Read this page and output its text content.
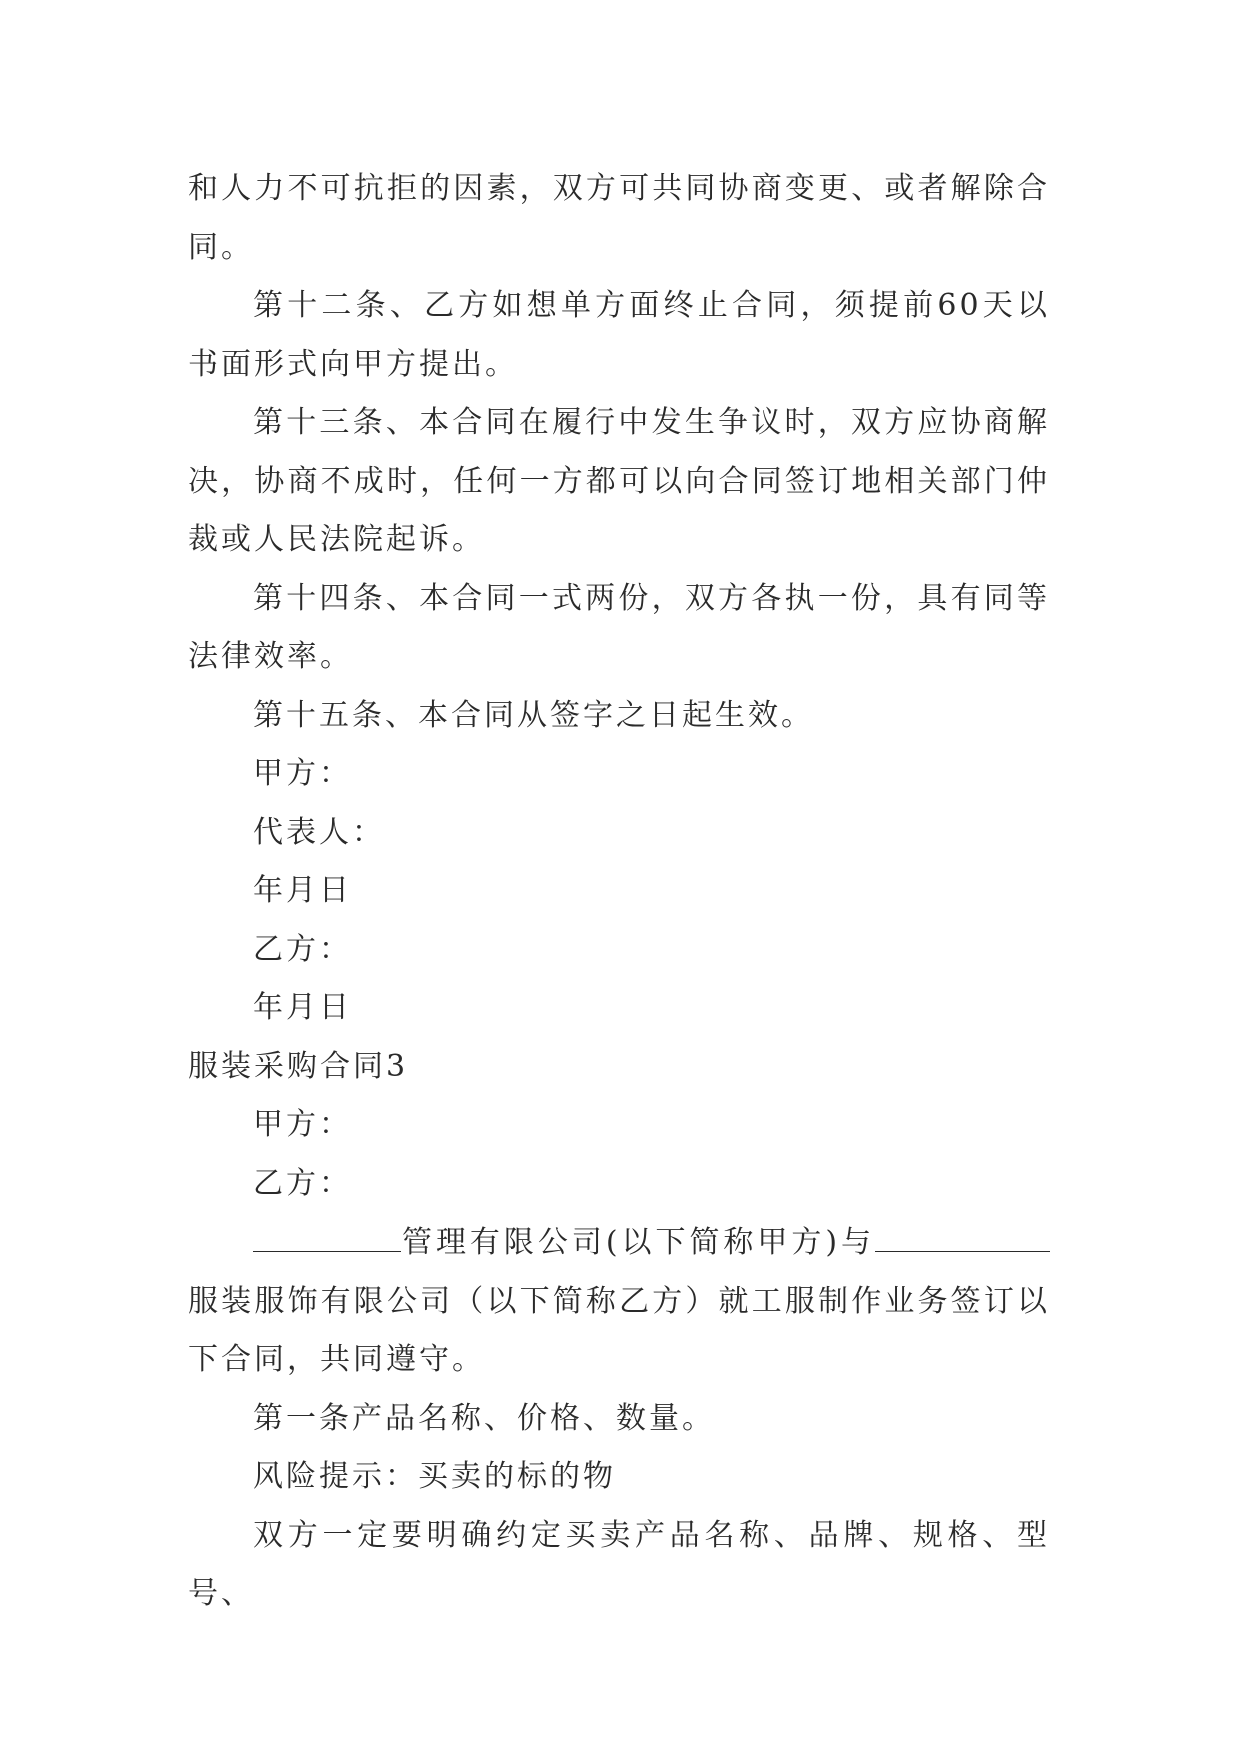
和人力不可抗拒的因素，双方可共同协商变更、或者解除合同。

第十二条、乙方如想单方面终止合同，须提前60天以书面形式向甲方提出。

第十三条、本合同在履行中发生争议时，双方应协商解决，协商不成时，任何一方都可以向合同签订地相关部门仲裁或人民法院起诉。

第十四条、本合同一式两份，双方各执一份，具有同等法律效率。

第十五条、本合同从签字之日起生效。

甲方：

代表人：

年月日

乙方：

年月日

服装采购合同3

甲方：

乙方：

管理有限公司(以下简称甲方)与服装服饰有限公司（以下简称乙方）就工服制作业务签订以下合同，共同遵守。

第一条产品名称、价格、数量。

风险提示：买卖的标的物

双方一定要明确约定买卖产品名称、品牌、规格、型号、
